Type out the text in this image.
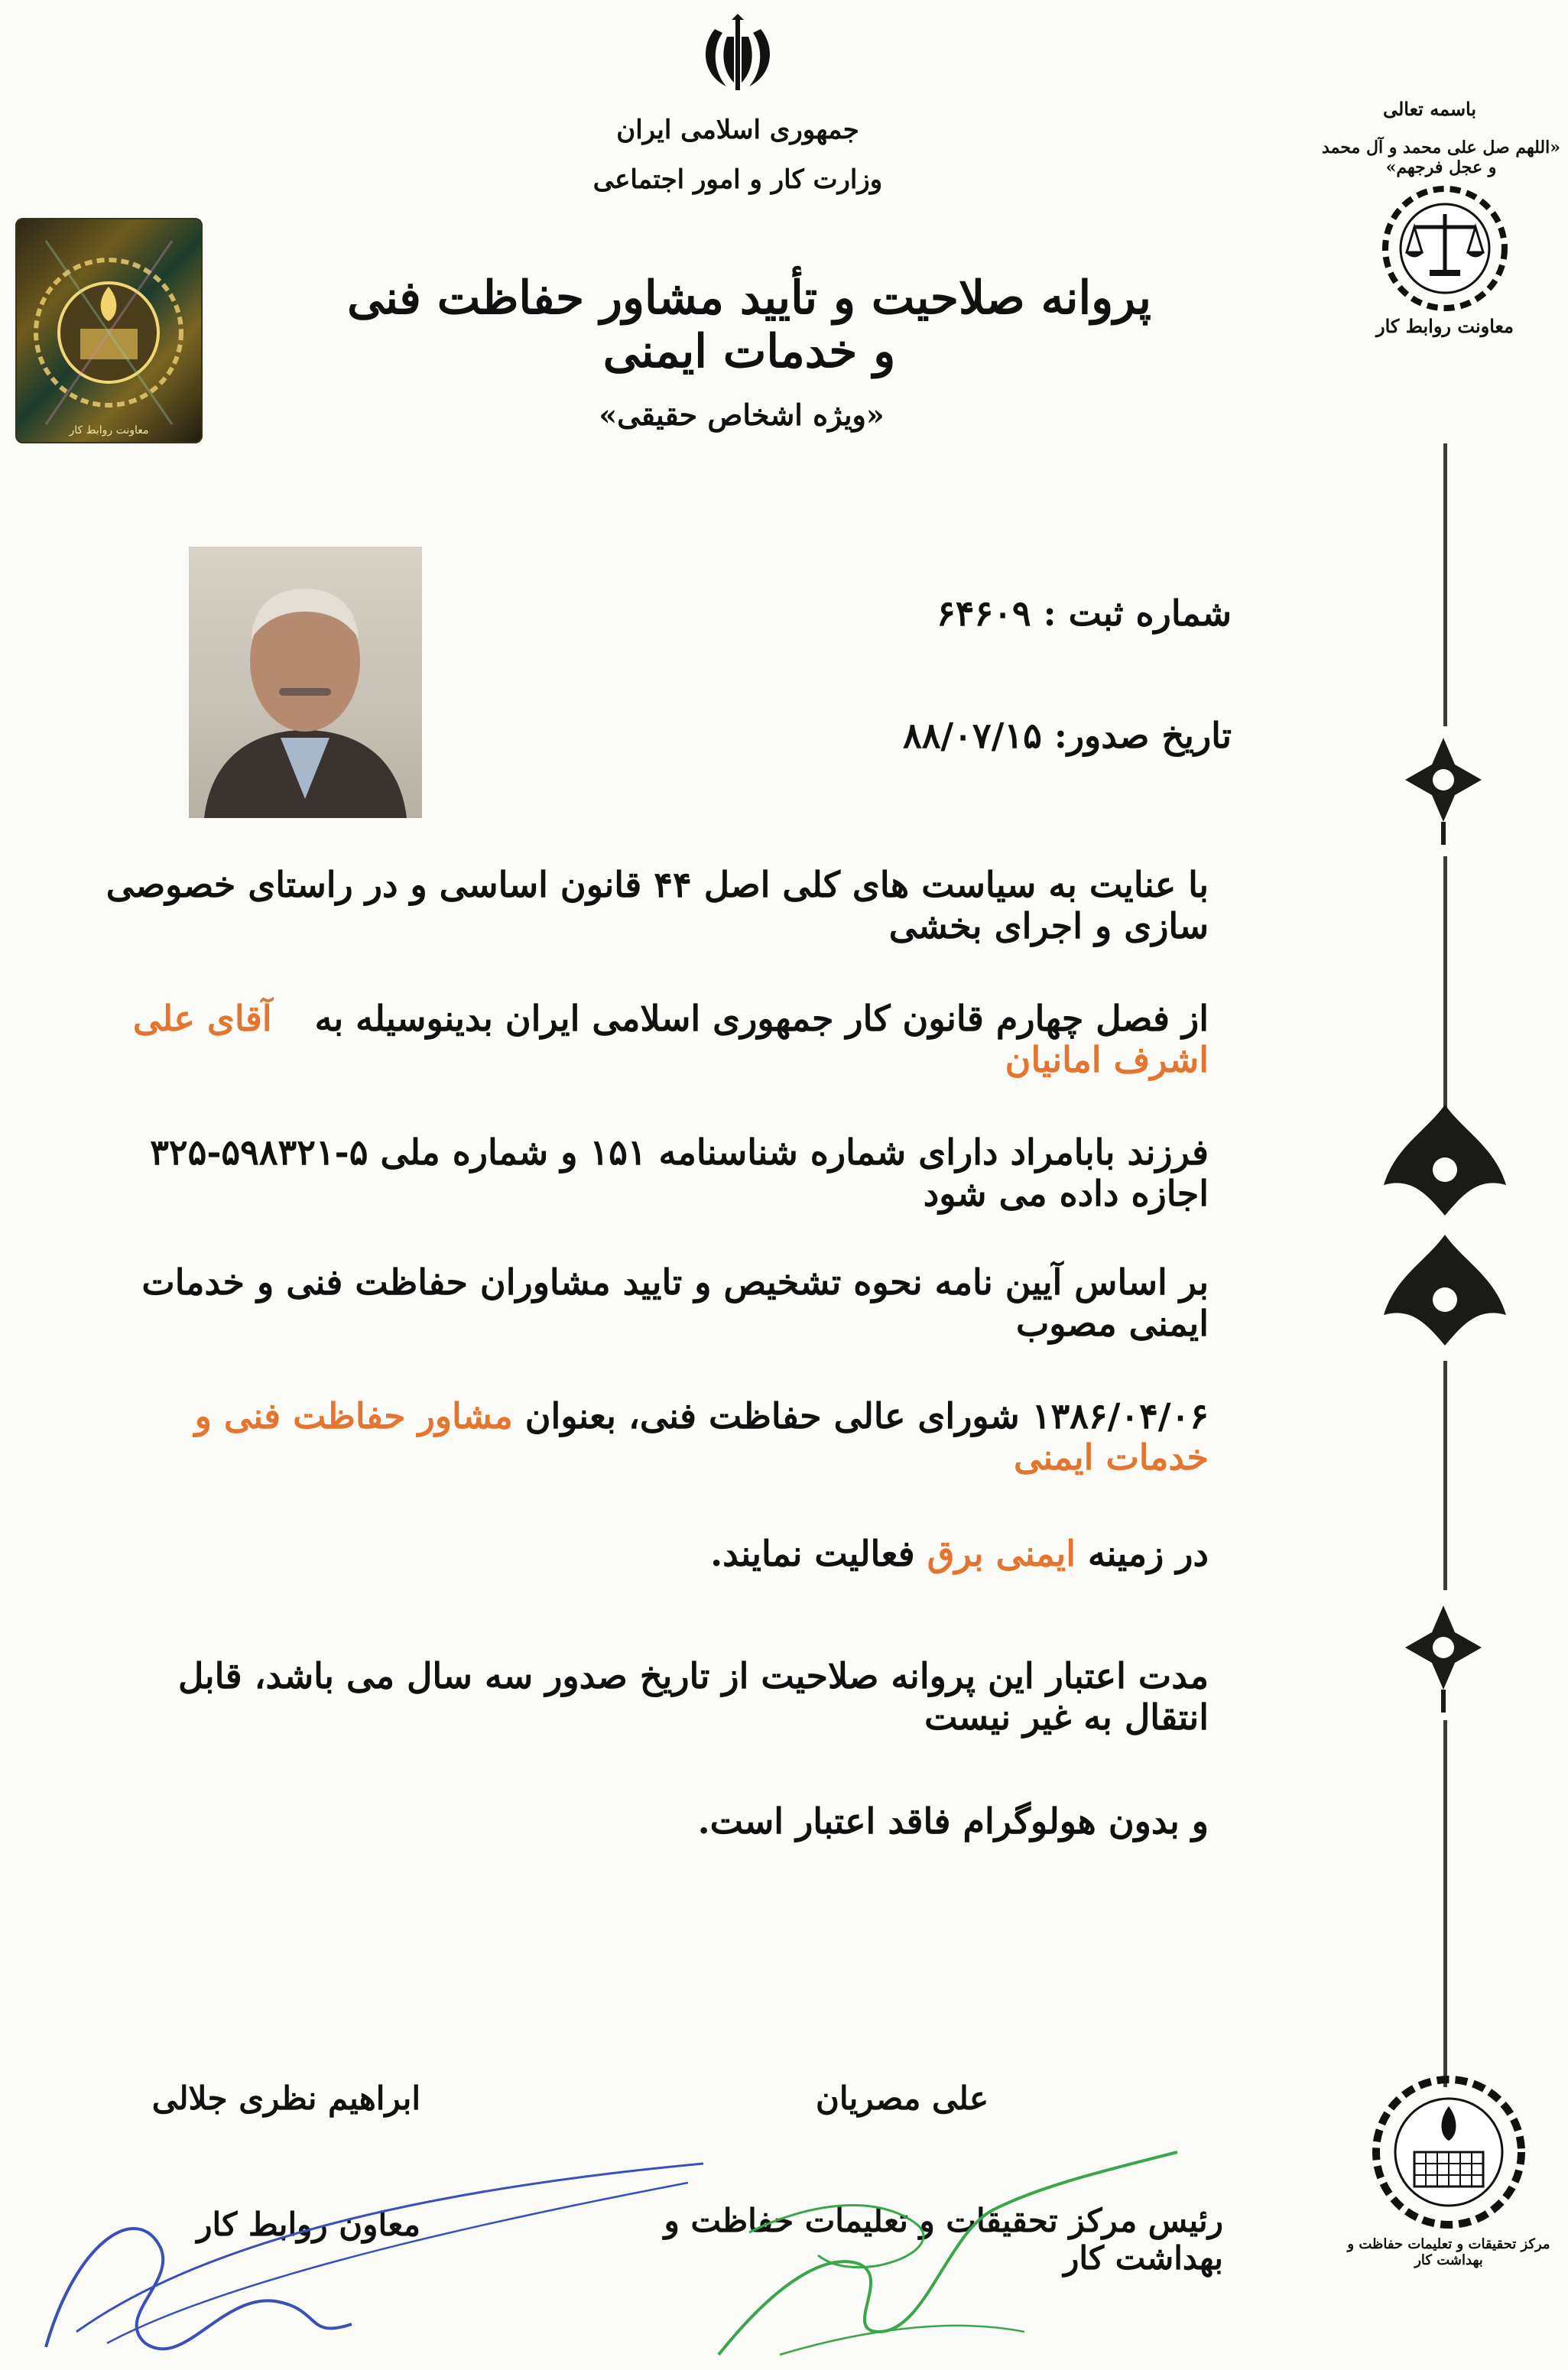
جمهوری اسلامی ایران
وزارت کار و امور اجتماعی
پروانه صلاحیت و تأیید مشاور حفاظت فنی و خدمات ایمنی
«ویژه اشخاص حقیقی»
معاونت روابط کار
باسمه تعالی
«اللهم صل علی محمد و آل محمد و عجل فرجهم»
معاونت روابط کار
شماره ثبت : ۶۴۶۰۹
تاریخ صدور: ۸۸/۰۷/۱۵
با عنایت به سیاست های کلی اصل ۴۴ قانون اساسی و در راستای خصوصی سازی و اجرای بخشی
از فصل چهارم قانون کار جمهوری اسلامی ایران بدینوسیله به آقای علی اشرف امانیان
فرزند بابامراد دارای شماره شناسنامه ۱۵۱ و شماره ملی ۵-۵۹۸۳۲۱-۳۲۵ اجازه داده می شود
بر اساس آیین نامه نحوه تشخیص و تایید مشاوران حفاظت فنی و خدمات ایمنی مصوب
۱۳۸۶/۰۴/۰۶ شورای عالی حفاظت فنی، بعنوان مشاور حفاظت فنی و خدمات ایمنی
در زمینه ایمنی برق فعالیت نمایند.
مدت اعتبار این پروانه صلاحیت از تاریخ صدور سه سال می باشد، قابل انتقال به غیر نیست
و بدون هولوگرام فاقد اعتبار است.
ابراهیم نظری جلالی
معاون روابط کار
علی مصریان
رئیس مرکز تحقیقات و تعلیمات حفاظت و بهداشت کار	مرکز تحقیقات و تعلیمات حفاظت و بهداشت کار
